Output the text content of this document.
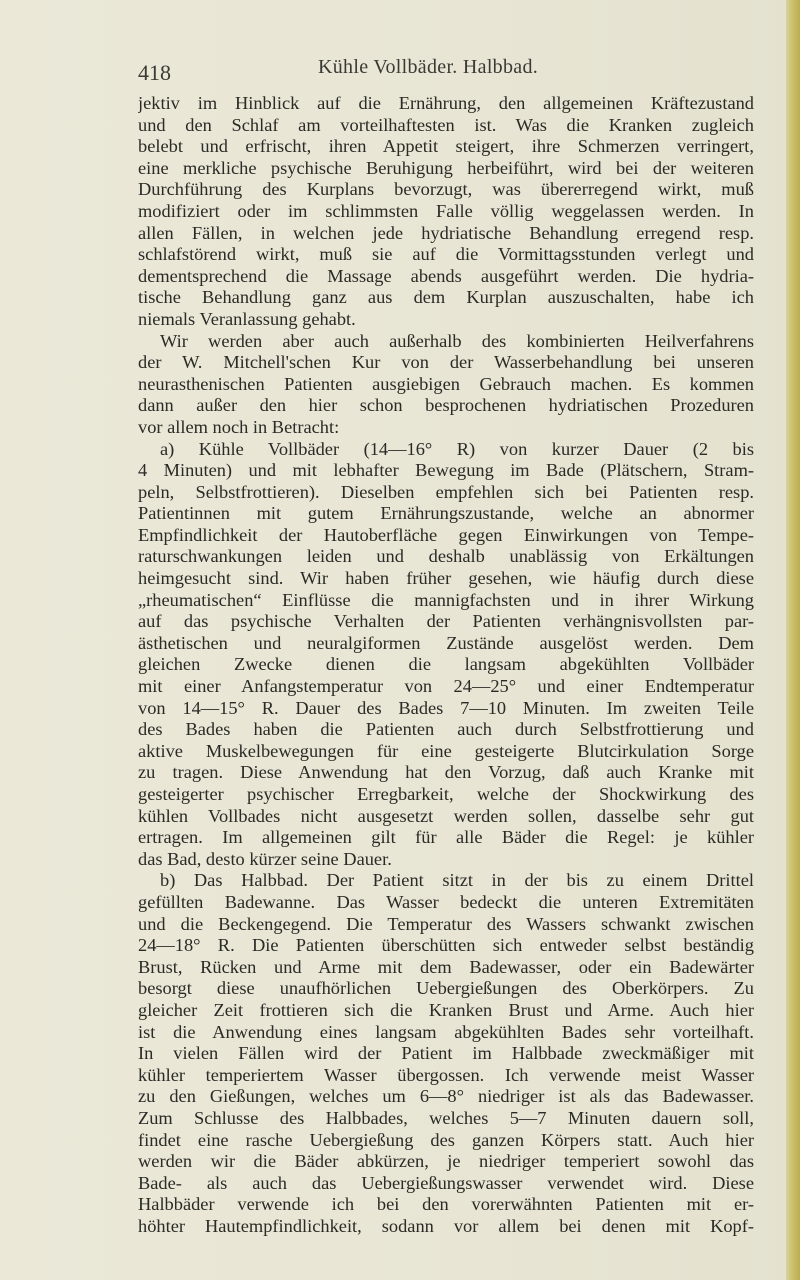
418	Kühle Vollbäder. Halbbad.
jektiv im Hinblick auf die Ernährung, den allgemeinen Kräftezustand
und den Schlaf am vorteilhaftesten ist. Was die Kranken zugleich
belebt und erfrischt, ihren Appetit steigert, ihre Schmerzen verringert,
eine merkliche psychische Beruhigung herbeiführt, wird bei der weiteren
Durchführung des Kurplans bevorzugt, was übererregend wirkt, muß
modifiziert oder im schlimmsten Falle völlig weggelassen werden. In
allen Fällen, in welchen jede hydriatische Behandlung erregend resp.
schlafstörend wirkt, muß sie auf die Vormittagsstunden verlegt und
dementsprechend die Massage abends ausgeführt werden. Die hydria-
tische Behandlung ganz aus dem Kurplan auszuschalten, habe ich
niemals Veranlassung gehabt.
Wir werden aber auch außerhalb des kombinierten Heilverfahrens
der W. Mitchell'schen Kur von der Wasserbehandlung bei unseren
neurasthenischen Patienten ausgiebigen Gebrauch machen. Es kommen
dann außer den hier schon besprochenen hydriatischen Prozeduren
vor allem noch in Betracht:
a) Kühle Vollbäder (14—16° R) von kurzer Dauer (2 bis
4 Minuten) und mit lebhafter Bewegung im Bade (Plätschern, Stram-
peln, Selbstfrottieren). Dieselben empfehlen sich bei Patienten resp.
Patientinnen mit gutem Ernährungszustande, welche an abnormer
Empfindlichkeit der Hautoberfläche gegen Einwirkungen von Tempe-
raturschwankungen leiden und deshalb unablässig von Erkältungen
heimgesucht sind. Wir haben früher gesehen, wie häufig durch diese
„rheumatischen“ Einflüsse die mannigfachsten und in ihrer Wirkung
auf das psychische Verhalten der Patienten verhängnisvollsten par-
ästhetischen und neuralgiformen Zustände ausgelöst werden. Dem
gleichen Zwecke dienen die langsam abgekühlten Vollbäder
mit einer Anfangstemperatur von 24—25° und einer Endtemperatur
von 14—15° R. Dauer des Bades 7—10 Minuten. Im zweiten Teile
des Bades haben die Patienten auch durch Selbstfrottierung und
aktive Muskelbewegungen für eine gesteigerte Blutcirkulation Sorge
zu tragen. Diese Anwendung hat den Vorzug, daß auch Kranke mit
gesteigerter psychischer Erregbarkeit, welche der Shockwirkung des
kühlen Vollbades nicht ausgesetzt werden sollen, dasselbe sehr gut
ertragen. Im allgemeinen gilt für alle Bäder die Regel: je kühler
das Bad, desto kürzer seine Dauer.
b) Das Halbbad. Der Patient sitzt in der bis zu einem Drittel
gefüllten Badewanne. Das Wasser bedeckt die unteren Extremitäten
und die Beckengegend. Die Temperatur des Wassers schwankt zwischen
24—18° R. Die Patienten überschütten sich entweder selbst beständig
Brust, Rücken und Arme mit dem Badewasser, oder ein Badewärter
besorgt diese unaufhörlichen Uebergießungen des Oberkörpers. Zu
gleicher Zeit frottieren sich die Kranken Brust und Arme. Auch hier
ist die Anwendung eines langsam abgekühlten Bades sehr vorteilhaft.
In vielen Fällen wird der Patient im Halbbade zweckmäßiger mit
kühler temperiertem Wasser übergossen. Ich verwende meist Wasser
zu den Gießungen, welches um 6—8° niedriger ist als das Badewasser.
Zum Schlusse des Halbbades, welches 5—7 Minuten dauern soll,
findet eine rasche Uebergießung des ganzen Körpers statt. Auch hier
werden wir die Bäder abkürzen, je niedriger temperiert sowohl das
Bade- als auch das Uebergießungswasser verwendet wird. Diese
Halbbäder verwende ich bei den vorerwähnten Patienten mit er-
höhter Hautempfindlichkeit, sodann vor allem bei denen mit Kopf-
